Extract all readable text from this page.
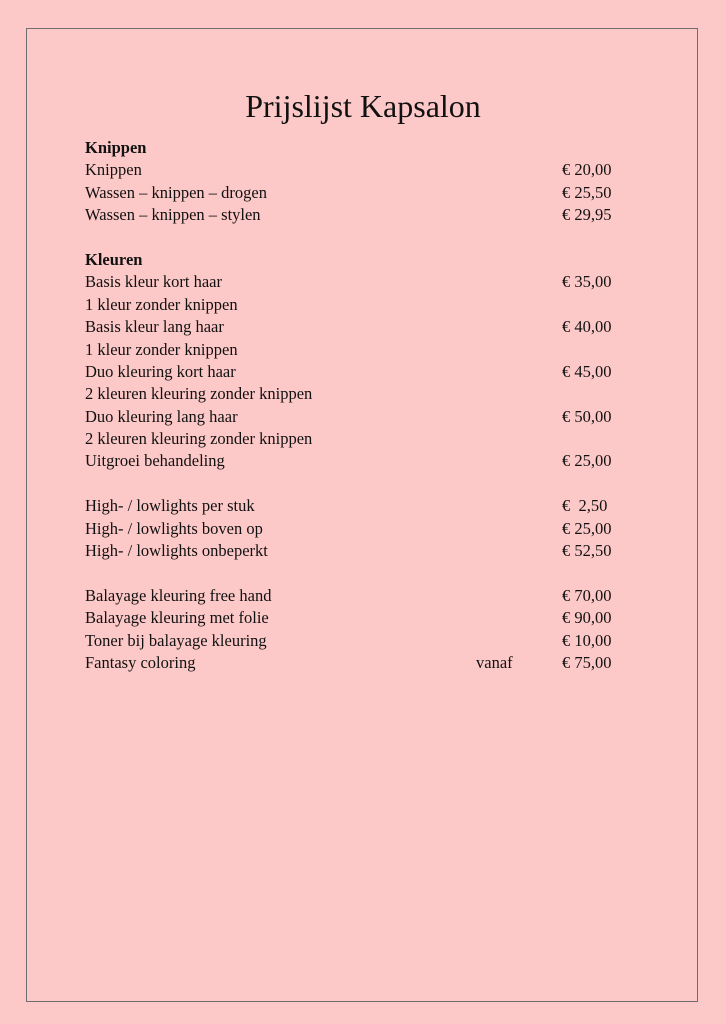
Prijslijst Kapsalon
Knippen
Knippen	€ 20,00
Wassen – knippen – drogen	€ 25,50
Wassen – knippen – stylen	€ 29,95
Kleuren
Basis kleur kort haar	€ 35,00
1 kleur zonder knippen
Basis kleur lang haar	€ 40,00
1 kleur zonder knippen
Duo kleuring kort haar	€ 45,00
2 kleuren kleuring zonder knippen
Duo kleuring lang haar	€ 50,00
2 kleuren kleuring zonder knippen
Uitgroei behandeling	€ 25,00
High- / lowlights per stuk	€  2,50
High- / lowlights boven op	€ 25,00
High- / lowlights onbeperkt	€ 52,50
Balayage kleuring free hand	€ 70,00
Balayage kleuring met folie	€ 90,00
Toner bij balayage kleuring	€ 10,00
Fantasy coloring	vanaf	€ 75,00
